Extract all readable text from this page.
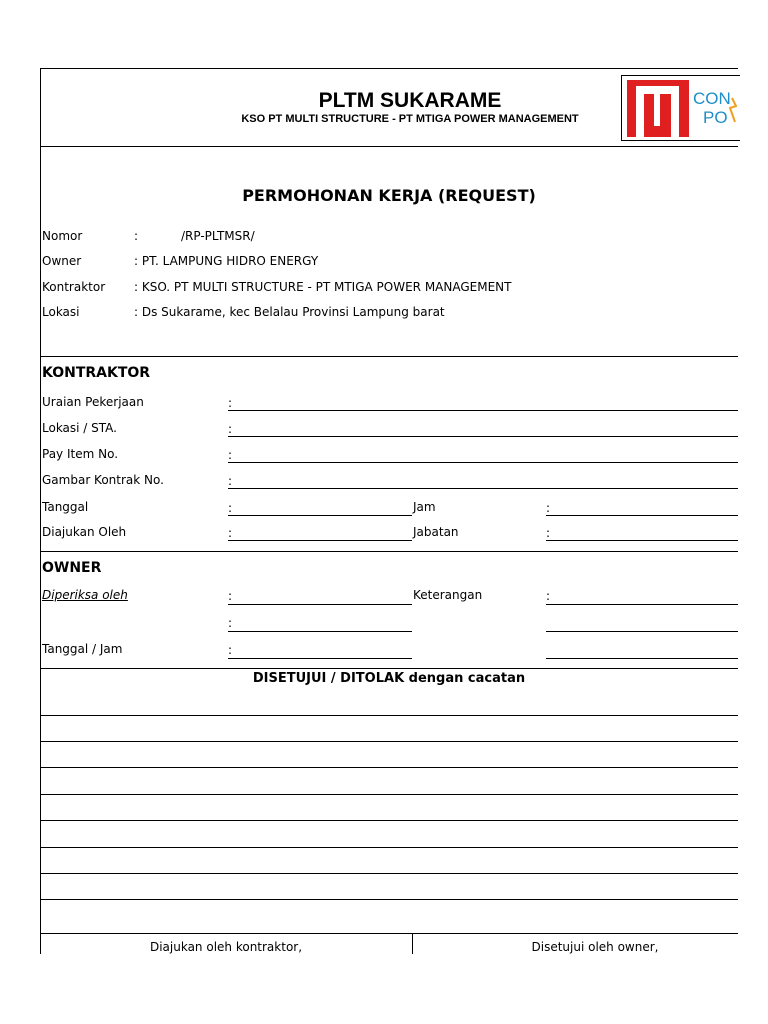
PLTM SUKARAME
KSO PT MULTI STRUCTURE - PT MTIGA POWER MANAGEMENT
CON
PO
PERMOHONAN KERJA (REQUEST)
Nomor	:	/RP-PLTMSR/
Owner	: PT. LAMPUNG HIDRO ENERGY
Kontraktor : KSO. PT MULTI STRUCTURE - PT MTIGA POWER MANAGEMENT
Lokasi	: Ds Sukarame, kec Belalau Provinsi Lampung barat
KONTRAKTOR
Uraian Pekerjaan	:
Lokasi / STA.	:
Pay Item No.	:
Gambar Kontrak No.	:
Tanggal	:	Jam	:
Diajukan Oleh	:	Jabatan	:
OWNER
Diperiksa oleh	:	Keterangan	:
:
Tanggal / Jam	:
DISETUJUI / DITOLAK dengan cacatan
Diajukan oleh kontraktor,	Disetujui oleh owner,
